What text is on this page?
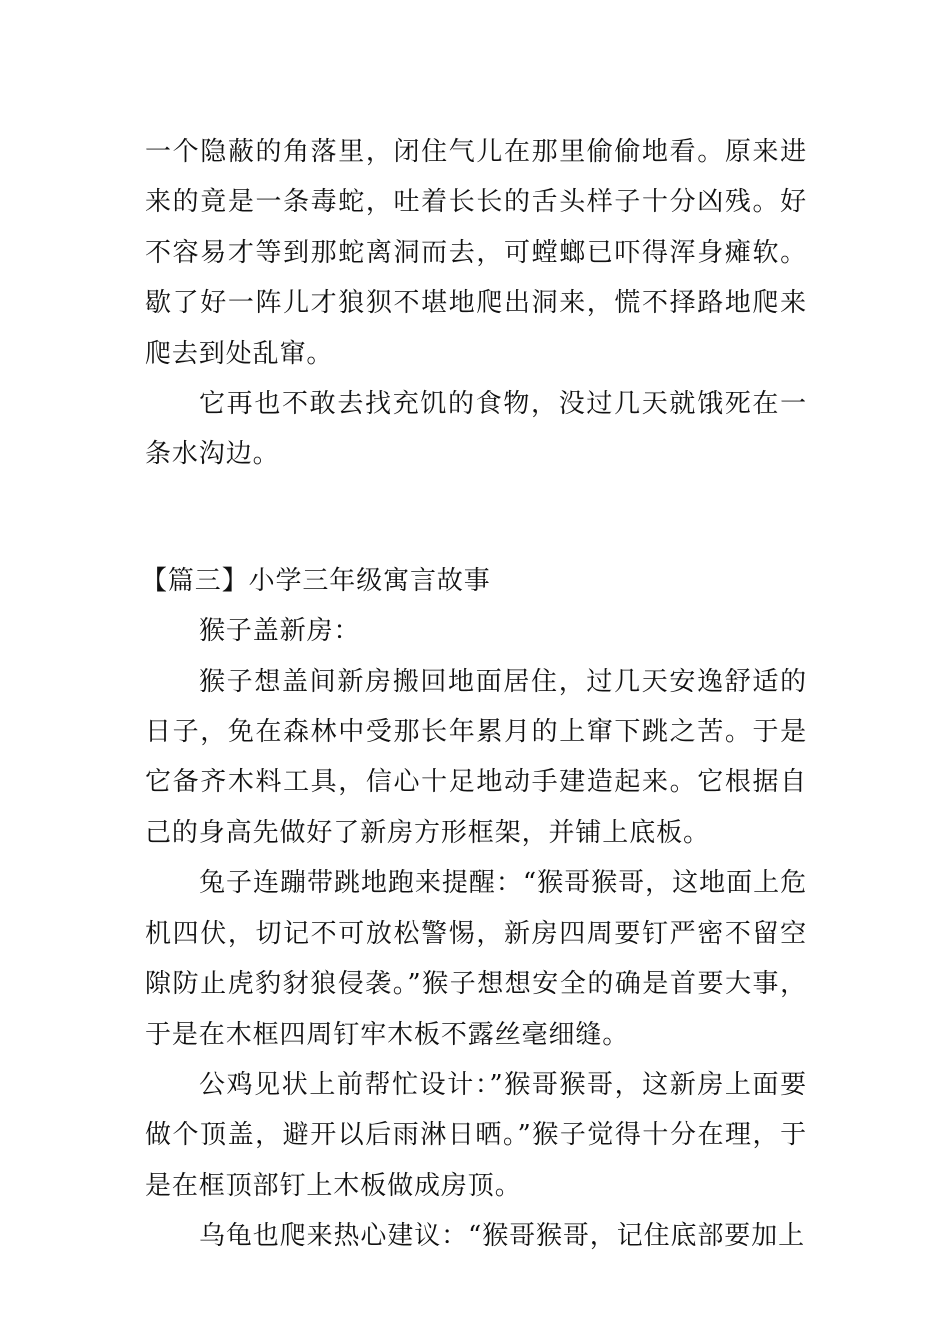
一个隐蔽的角落里，闭住气儿在那里偷偷地看。原来进来的竟是一条毒蛇，吐着长长的舌头样子十分凶残。好不容易才等到那蛇离洞而去，可螳螂已吓得浑身瘫软。歇了好一阵儿才狼狈不堪地爬出洞来，慌不择路地爬来爬去到处乱窜。

它再也不敢去找充饥的食物，没过几天就饿死在一条水沟边。

【篇三】小学三年级寓言故事

猴子盖新房：

猴子想盖间新房搬回地面居住，过几天安逸舒适的日子，免在森林中受那长年累月的上窜下跳之苦。于是它备齐木料工具，信心十足地动手建造起来。它根据自己的身高先做好了新房方形框架，并铺上底板。

兔子连蹦带跳地跑来提醒：“猴哥猴哥，这地面上危机四伏，切记不可放松警惕，新房四周要钉严密不留空隙防止虎豹豺狼侵袭。”猴子想想安全的确是首要大事，于是在木框四周钉牢木板不露丝毫细缝。

公鸡见状上前帮忙设计：”猴哥猴哥，这新房上面要做个顶盖，避开以后雨淋日晒。”猴子觉得十分在理，于是在框顶部钉上木板做成房顶。

乌龟也爬来热心建议：“猴哥猴哥，记住底部要加上
